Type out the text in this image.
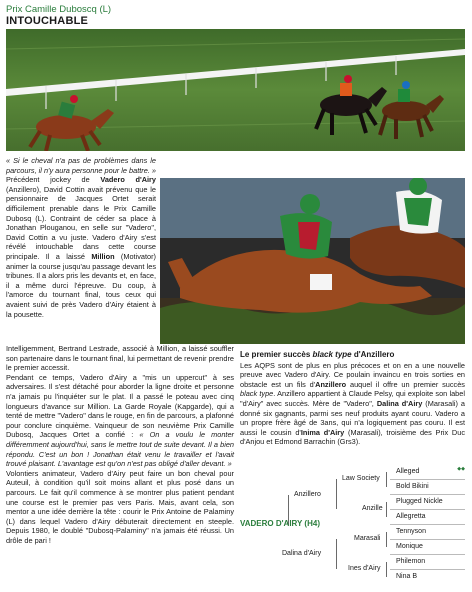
Prix Camille Duboscq (L)
INTOUCHABLE

« Si le cheval n'a pas de problèmes dans le parcours, il n'y aura personne pour le battre. » Précédent jockey de Vadero d'Airy (Anzillero), David Cottin avait prévenu que le pensionnaire de Jacques Ortet serait difficilement prenable dans le Prix Camille Dubosq (L). Contraint de céder sa place à Jonathan Plouganou, en selle sur "Vadero", David Cottin a vu juste. Vadero d'Airy s'est révélé intouchable dans cette course principale. Il a laissé Million (Motivator) animer la course jusqu'au passage devant les tribunes. Il a alors pris les devants et, en face, il a même durci l'épreuve. Du coup, à l'amorce du tournant final, tous ceux qui avaient suivi de près Vadero d'Airy étaient à la pousette.

Intelligemment, Bertrand Lestrade, associé à Million, a laissé souffler son partenaire dans le tournant final, lui permettant de revenir prendre le premier accessit.

Pendant ce temps, Vadero d'Airy a "mis un uppercut" à ses adversaires. Il s'est détaché pour aborder la ligne droite et personne n'a jamais pu l'inquiéter sur le plat. Il a passé le poteau avec cinq longueurs d'avance sur Million. La Garde Royale (Kapgarde), qui a tenté de mettre "Vadero" dans le rouge, en fin de parcours, a plafonné pour conclure cinquième. Vainqueur de son neuvième Prix Camille Dubosq, Jacques Ortet a confié : « On a voulu le monter différemment aujourd'hui, sans le mettre tout de suite devant. Il a bien répondu. C'est un bon ! Jonathan était venu le travailler et l'avait trouvé plaisant. L'avantage est qu'on n'est pas obligé d'aller devant. »

Volontiers animateur, Vadero d'Airy peut faire un bon cheval pour Auteuil, à condition qu'il soit moins allant et plus posé dans un parcours. Le fait qu'il commence à se montrer plus patient pendant une course est le premier pas vers Paris. Mais, avant cela, son mentor a une idée derrière la tête : courir le Prix Antoine de Palaminy (L) dans lequel Vadero d'Airy débuterait directement en steeple. Depuis 1980, le doublé "Dubosq-Palaminy" n'a jamais été réussi. Un drôle de pari !

Le premier succès black type d'Anzillero

Les AQPS sont de plus en plus précoces et on en a une nouvelle preuve avec Vadero d'Airy. Ce poulain invaincu en trois sorties en obstacle est un fils d'Anzillero auquel il offre un premier succès black type. Anzillero appartient à Claude Pelsy, qui exploite son label "d'Airy" avec succès. Mère de "Vadero", Dalina d'Airy (Marasali) a donné six gagnants, parmi ses neuf produits ayant couru. Vadero a un propre frère âgé de 3ans, qui n'a logiquement pas couru. Il est aussi le cousin d'Inima d'Airy (Marasali), troisième des Prix Duc d'Anjou et Edmond Barrachin (Grs3).

◆◆
Alleged
Bold Bikini
Plugged Nickle
Allegretta
Tennyson
Monique
Philemon
Nina B
Law Society
Anzille
Marasali
Ines d'Airy
Anzillero
Dalina d'Airy
VADERO D'AIRY (H4)
